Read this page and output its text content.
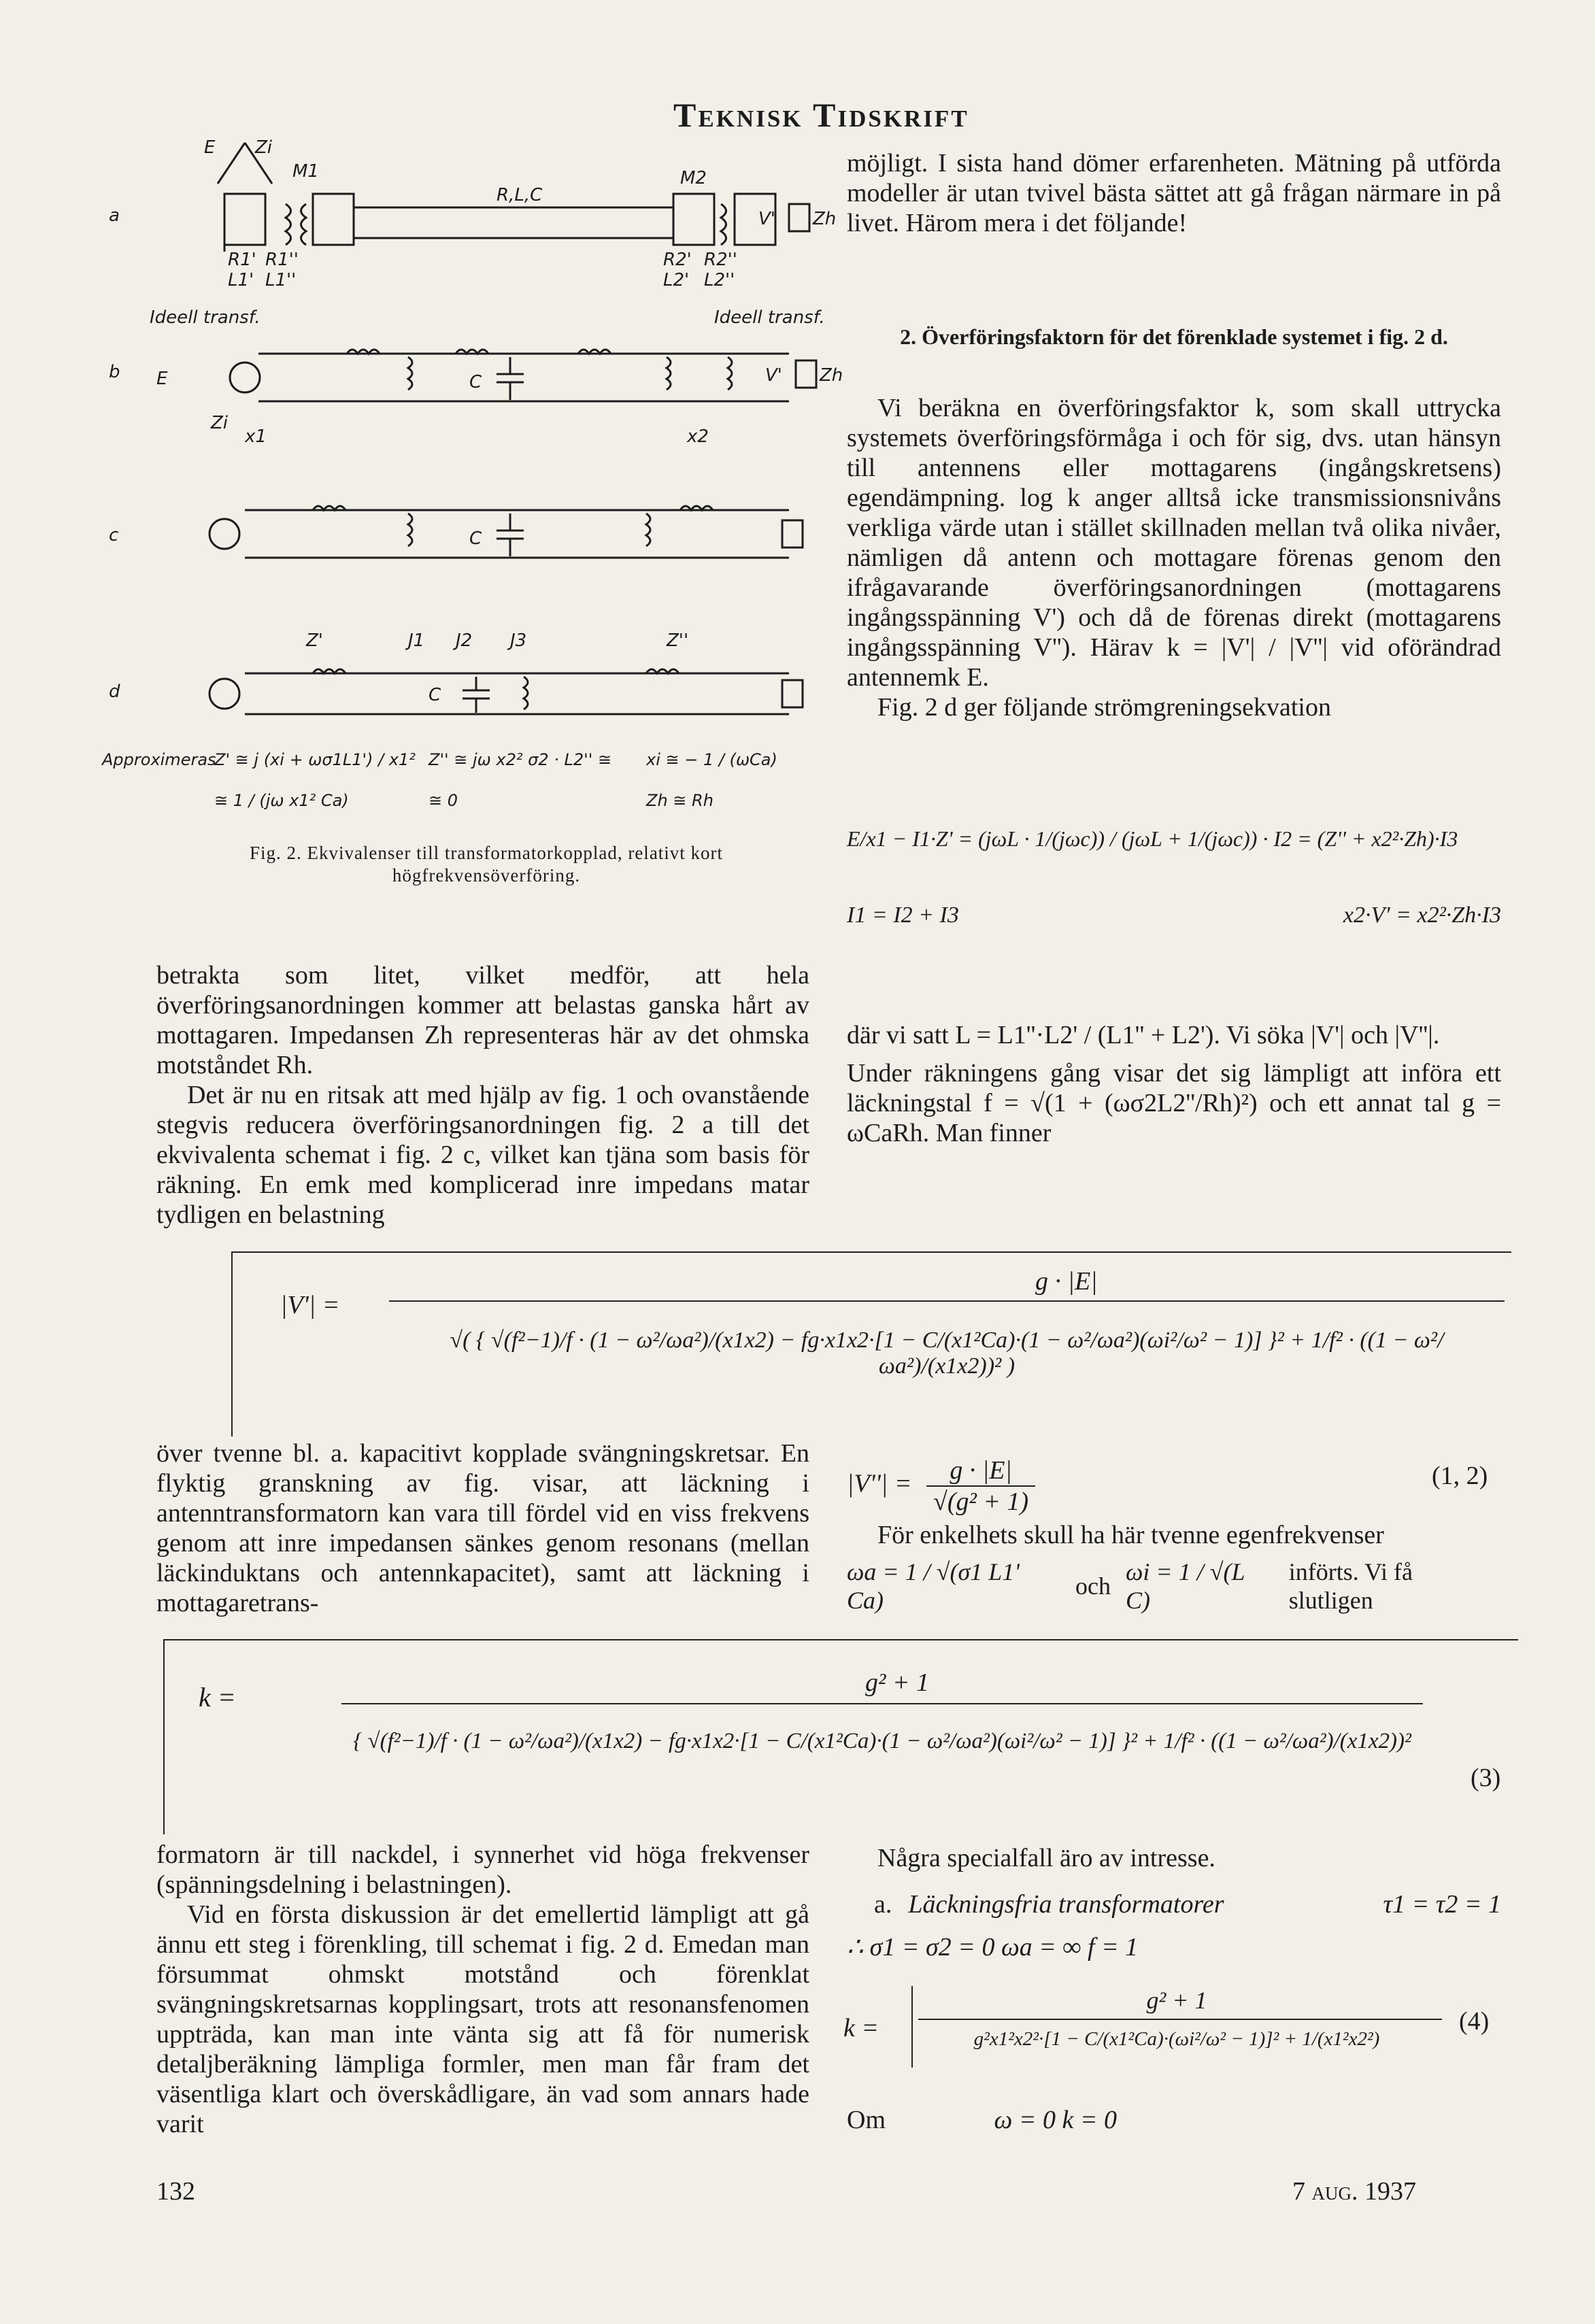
Teknisk Tidskrift
a
b
c
d
E Zi
M1	M2
R,L,C
Zh
V'
R1' R1''
L1' L1''
R2' R2''
L2' L2''
Ideell transf.	Ideell transf.
E	C	Zh
V'
Zi
x1	x2
C
Z'	Z''
J1 J2 J3
C
Approximeras
Z' ≅ j (xi + ωσ1L1') / x1²
≅ 1 / (jω x1² Ca)
Z'' ≅ jω x2² σ2 · L2'' ≅
≅ 0
xi ≅ − 1 / (ωCa)
Zh ≅ Rh
Fig. 2. Ekvivalenser till transformatorkopplad, relativt kort högfrekvensöverföring.

möjligt. I sista hand dömer erfarenheten. Mätning på utförda modeller är utan tvivel bästa sättet att gå frågan närmare in på livet. Härom mera i det följande!

2. Överföringsfaktorn för det förenklade systemet i fig. 2 d.

Vi beräkna en överföringsfaktor k, som skall uttrycka systemets överföringsförmåga i och för sig, dvs. utan hänsyn till antennens eller mottagarens (ingångskretsens) egendämpning. log k anger alltså icke transmissionsnivåns verkliga värde utan i stället skillnaden mellan två olika nivåer, nämligen då antenn och mottagare förenas genom den ifrågavarande överföringsanordningen (mottagarens ingångsspänning V') och då de förenas direkt (mottagarens ingångsspänning V''). Härav k = |V'| / |V''| vid oförändrad antennemk E.

Fig. 2 d ger följande strömgreningsekvation

E/x1 − I1·Z' = (jωL · 1/(jωc)) / (jωL + 1/(jωc)) · I2 = (Z'' + x2²·Zh)·I3
I1 = I2 + I3	x2·V' = x2²·Zh·I3

där vi satt L = L1''·L2' / (L1'' + L2'). Vi söka |V'| och |V''|.

Under räkningens gång visar det sig lämpligt att införa ett läckningstal f = √(1 + (ωσ2L2''/Rh)²) och ett annat tal g = ωCaRh. Man finner

betrakta som litet, vilket medför, att hela överföringsanordningen kommer att belastas ganska hårt av mottagaren. Impedansen Zh representeras här av det ohmska motståndet Rh.

Det är nu en ritsak att med hjälp av fig. 1 och ovanstående stegvis reducera överföringsanordningen fig. 2 a till det ekvivalenta schemat i fig. 2 c, vilket kan tjäna som basis för räkning. En emk med komplicerad inre impedans matar tydligen en belastning

|V'| =
g · |E|
√( { √(f²−1)/f · (1 − ω²/ωa²)/(x1x2) − fg·x1x2·[1 − C/(x1²Ca)·(1 − ω²/ωa²)(ωi²/ω² − 1)] }² + 1/f² · ((1 − ω²/ωa²)/(x1x2))² )

över tvenne bl. a. kapacitivt kopplade svängningskretsar. En flyktig granskning av fig. visar, att läckning i antenntransformatorn kan vara till fördel vid en viss frekvens genom att inre impedansen sänkes genom resonans (mellan läckinduktans och antennkapacitet), samt att läckning i mottagaretrans-

$|V''| = \frac{g \cdot |E|}{\text{√(g² + 1)}}$	(1, 2)
För enkelhets skull ha här tvenne egenfrekvenser
ωa = 1 / √(σ1 L1' Ca)
och
ωi = 1 / √(L C)
införts. Vi få slutligen
k =	g² + 1
{ √(f²−1)/f · (1 − ω²/ωa²)/(x1x2) − fg·x1x2·[1 − C/(x1²Ca)·(1 − ω²/ωa²)(ωi²/ω² − 1)] }² + 1/f² · ((1 − ω²/ωa²)/(x1x2))²
(3)

formatorn är till nackdel, i synnerhet vid höga frekvenser (spänningsdelning i belastningen).

Vid en första diskussion är det emellertid lämpligt att gå ännu ett steg i förenkling, till schemat i fig. 2 d. Emedan man försummat ohmskt motstånd och förenklat svängningskretsarnas kopplingsart, trots att resonansfenomen uppträda, kan man inte vänta sig att få för numerisk detaljberäkning lämpliga formler, men man får fram det väsentliga klart och överskådligare, än vad som annars hade varit

Några specialfall äro av intresse.
a. Läckningsfria transformatorer	τ1 = τ2 = 1
∴ σ1 = σ2 = 0 ωa = ∞ f = 1
k =
g² + 1
g²x1²x2²·[1 − C/(x1²Ca)·(ωi²/ω² − 1)]² + 1/(x1²x2²)
(4)
Om	ω = 0 k = 0
132	7 aug. 1937
